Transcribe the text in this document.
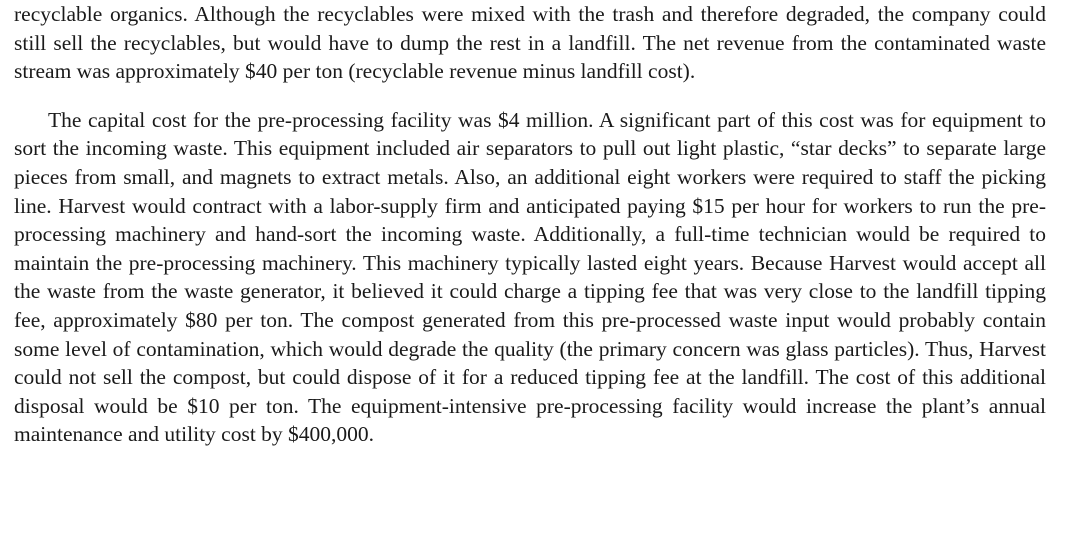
recyclable organics. Although the recyclables were mixed with the trash and therefore degraded, the company could still sell the recyclables, but would have to dump the rest in a landfill. The net revenue from the contaminated waste stream was approximately $40 per ton (recyclable revenue minus landfill cost).

The capital cost for the pre-processing facility was $4 million. A significant part of this cost was for equipment to sort the incoming waste. This equipment included air separators to pull out light plastic, “star decks” to separate large pieces from small, and magnets to extract metals. Also, an additional eight workers were required to staff the picking line. Harvest would contract with a labor-supply firm and anticipated paying $15 per hour for workers to run the pre-processing machinery and hand-sort the incoming waste. Additionally, a full-time technician would be required to maintain the pre-processing machinery. This machinery typically lasted eight years. Because Harvest would accept all the waste from the waste generator, it believed it could charge a tipping fee that was very close to the landfill tipping fee, approximately $80 per ton. The compost generated from this pre-processed waste input would probably contain some level of contamination, which would degrade the quality (the primary concern was glass particles). Thus, Harvest could not sell the compost, but could dispose of it for a reduced tipping fee at the landfill. The cost of this additional disposal would be $10 per ton. The equipment-intensive pre-processing facility would increase the plant’s annual maintenance and utility cost by $400,000.
